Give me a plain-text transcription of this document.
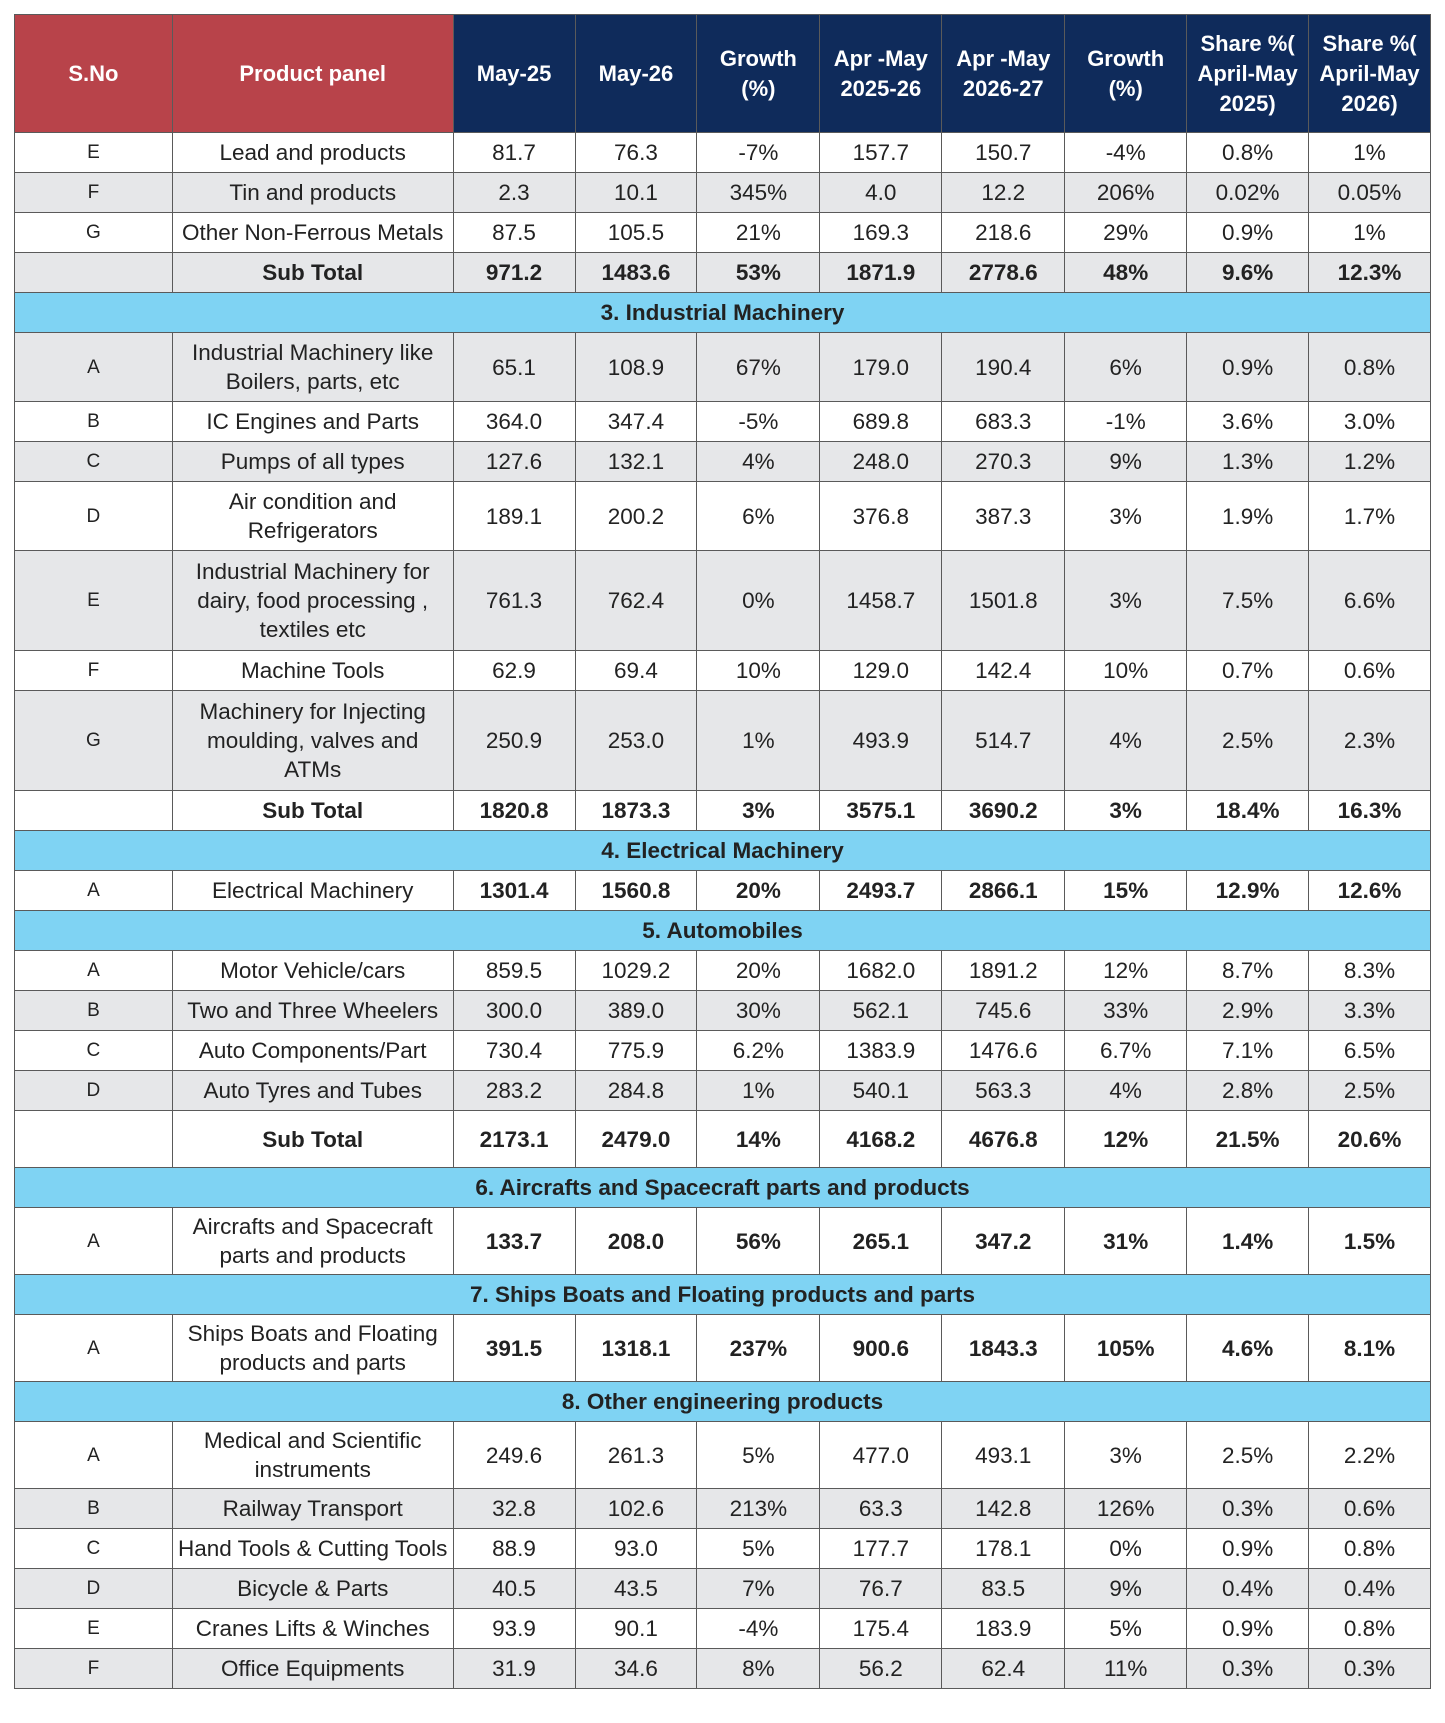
S.No	Product panel	May-25	May-26	Growth (%)	Apr -May 2025-26	Apr -May 2026-27	Growth (%)	Share %( April-May 2025)	Share %( April-May 2026)
E	Lead and products	81.7	76.3	-7%	157.7	150.7	-4%	0.8%	1%
F	Tin and products	2.3	10.1	345%	4.0	12.2	206%	0.02%	0.05%
G	Other Non-Ferrous Metals	87.5	105.5	21%	169.3	218.6	29%	0.9%	1%
	Sub Total	971.2	1483.6	53%	1871.9	2778.6	48%	9.6%	12.3%
3. Industrial Machinery									
A	Industrial Machinery like Boilers, parts, etc	65.1	108.9	67%	179.0	190.4	6%	0.9%	0.8%
B	IC Engines and Parts	364.0	347.4	-5%	689.8	683.3	-1%	3.6%	3.0%
C	Pumps of all types	127.6	132.1	4%	248.0	270.3	9%	1.3%	1.2%
D	Air condition and Refrigerators	189.1	200.2	6%	376.8	387.3	3%	1.9%	1.7%
E	Industrial Machinery for dairy, food processing , textiles etc	761.3	762.4	0%	1458.7	1501.8	3%	7.5%	6.6%
F	Machine Tools	62.9	69.4	10%	129.0	142.4	10%	0.7%	0.6%
G	Machinery for Injecting moulding, valves and ATMs	250.9	253.0	1%	493.9	514.7	4%	2.5%	2.3%
	Sub Total	1820.8	1873.3	3%	3575.1	3690.2	3%	18.4%	16.3%
4. Electrical Machinery									
A	Electrical Machinery	1301.4	1560.8	20%	2493.7	2866.1	15%	12.9%	12.6%
5. Automobiles									
A	Motor Vehicle/cars	859.5	1029.2	20%	1682.0	1891.2	12%	8.7%	8.3%
B	Two and Three Wheelers	300.0	389.0	30%	562.1	745.6	33%	2.9%	3.3%
C	Auto Components/Part	730.4	775.9	6.2%	1383.9	1476.6	6.7%	7.1%	6.5%
D	Auto Tyres and Tubes	283.2	284.8	1%	540.1	563.3	4%	2.8%	2.5%
	Sub Total	2173.1	2479.0	14%	4168.2	4676.8	12%	21.5%	20.6%
6. Aircrafts and Spacecraft parts and products									
A	Aircrafts and Spacecraft parts and products	133.7	208.0	56%	265.1	347.2	31%	1.4%	1.5%
7. Ships Boats and Floating products and parts									
A	Ships Boats and Floating products and parts	391.5	1318.1	237%	900.6	1843.3	105%	4.6%	8.1%
8. Other engineering products									
A	Medical and Scientific instruments	249.6	261.3	5%	477.0	493.1	3%	2.5%	2.2%
B	Railway Transport	32.8	102.6	213%	63.3	142.8	126%	0.3%	0.6%
C	Hand Tools & Cutting Tools	88.9	93.0	5%	177.7	178.1	0%	0.9%	0.8%
D	Bicycle & Parts	40.5	43.5	7%	76.7	83.5	9%	0.4%	0.4%
E	Cranes Lifts & Winches	93.9	90.1	-4%	175.4	183.9	5%	0.9%	0.8%
F	Office Equipments	31.9	34.6	8%	56.2	62.4	11%	0.3%	0.3%
